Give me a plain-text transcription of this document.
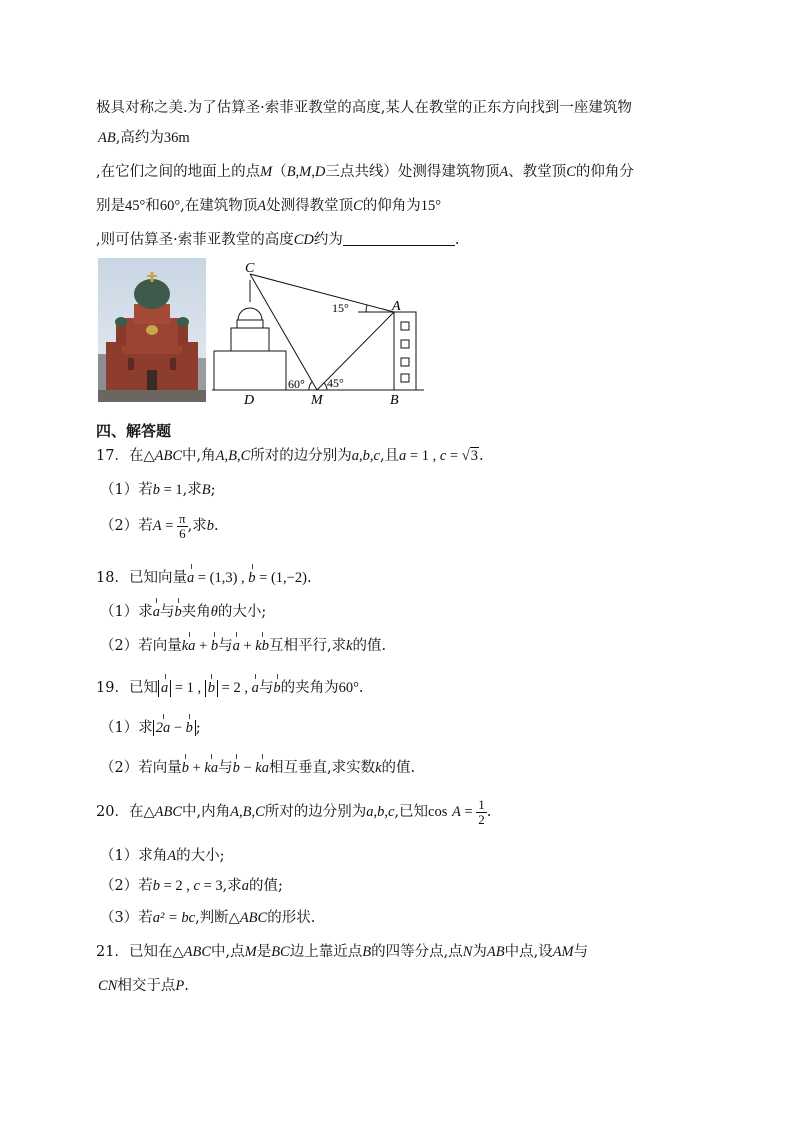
极具对称之美.为了估算圣·索菲亚教堂的高度,某人在教堂的正东方向找到一座建筑物
AB,高约为36m
,在它们之间的地面上的点M（B,M,D三点共线）处测得建筑物顶A、教堂顶C的仰角分
别是45°和60°,在建筑物顶A处测得教堂顶C的仰角为15°
,则可估算圣·索菲亚教堂的高度CD约为	.
C
A
D	M	B
15°
60° 45°
四、解答题
17．在△ABC中,角A,B,C所对的边分别为a,b,c,且a = 1 , c = √3.
（1）若b = 1,求B;
（2）若$A = \frac{\pi}{6}$ ,求b.
18．已知向量a = (1,3) , b = (1,−2).
（1）求a与b夹角θ的大小;
（2）若向量ka + b与a + kb互相平行,求k的值.
19．已知 a = 1 , b = 2 , a与b的夹角为60°.
（1）求 2a − b ;
（2）若向量b + ka与b − ka相互垂直,求实数k的值.
20．在△ABC中,内角A,B,C所对的边分别为a,b,c,已知$\cos A = \frac{1}{2}$ .
（1）求角A的大小;
（2）若b = 2 , c = 3,求a的值;
（3）若a² = bc,判断△ABC的形状.
21．已知在△ABC中,点M是BC边上靠近点B的四等分点,点N为AB中点,设AM与
CN相交于点P.
